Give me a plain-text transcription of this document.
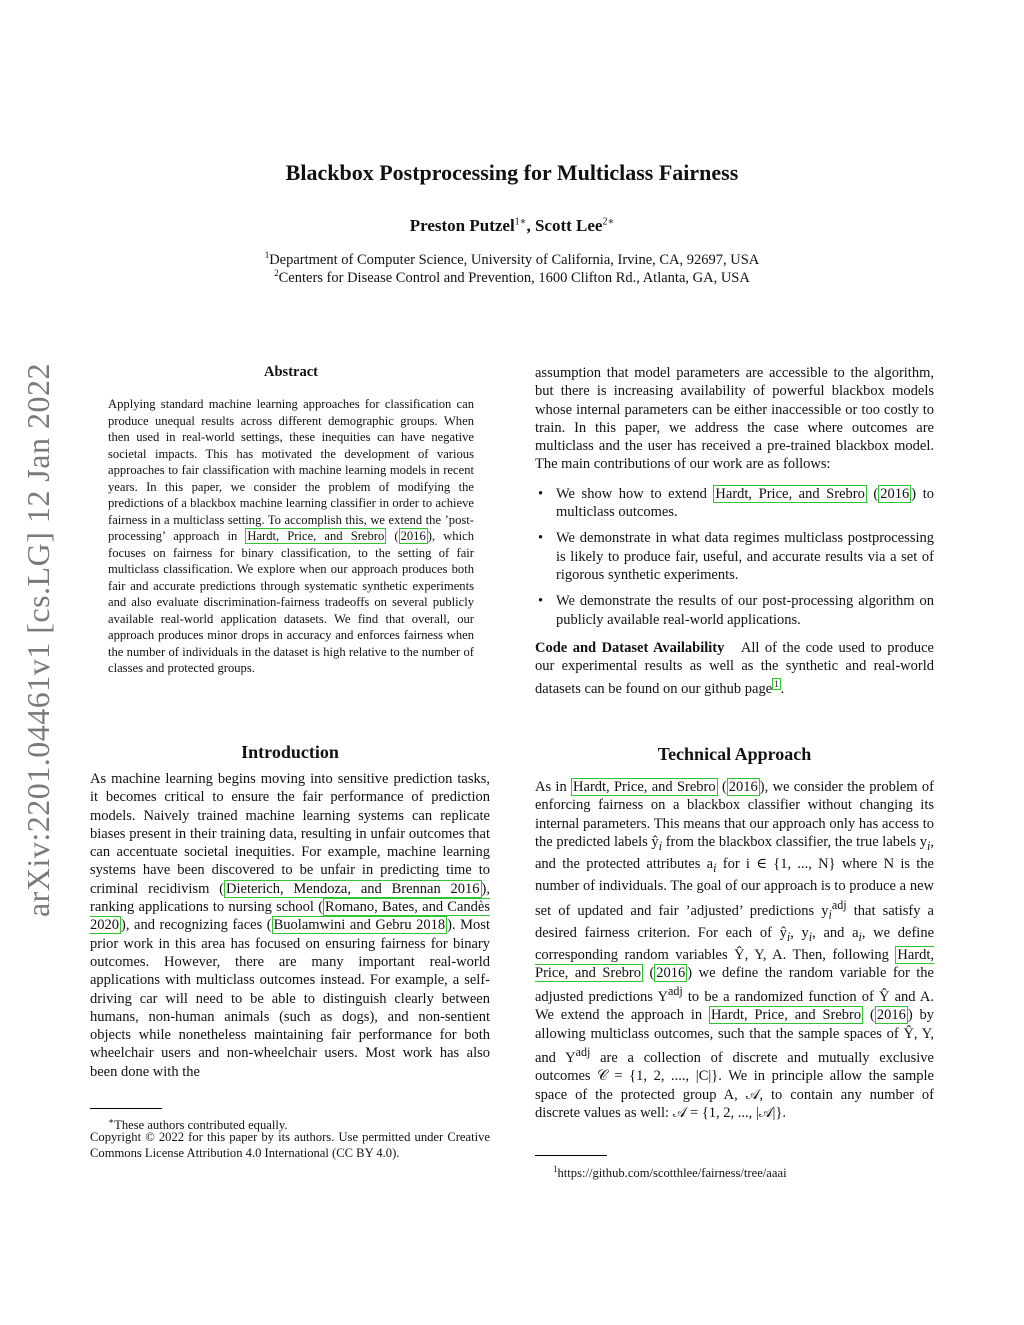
arXiv:2201.04461v1 [cs.LG] 12 Jan 2022
Blackbox Postprocessing for Multiclass Fairness
Preston Putzel$^{1∗}$, Scott Lee$^{2∗}$
$^1$Department of Computer Science, University of California, Irvine, CA, 92697, USA
$^2$Centers for Disease Control and Prevention, 1600 Clifton Rd., Atlanta, GA, USA
Abstract
Applying standard machine learning approaches for classification can produce unequal results across different demographic groups. When then used in real-world settings, these inequities can have negative societal impacts. This has motivated the development of various approaches to fair classification with machine learning models in recent years. In this paper, we consider the problem of modifying the predictions of a blackbox machine learning classifier in order to achieve fairness in a multiclass setting. To accomplish this, we extend the ’post-processing’ approach in Hardt, Price, and Srebro ( 2016 ), which focuses on fairness for binary classification, to the setting of fair multiclass classification. We explore when our approach produces both fair and accurate predictions through systematic synthetic experiments and also evaluate discrimination-fairness tradeoffs on several publicly available real-world application datasets. We find that overall, our approach produces minor drops in accuracy and enforces fairness when the number of individuals in the dataset is high relative to the number of classes and protected groups.
Introduction
As machine learning begins moving into sensitive prediction tasks, it becomes critical to ensure the fair performance of prediction models. Naively trained machine learning systems can replicate biases present in their training data, resulting in unfair outcomes that can accentuate societal inequities. For example, machine learning systems have been discovered to be unfair in predicting time to criminal recidivism ( Dieterich, Mendoza, and Brennan 2016 ), ranking applications to nursing school ( Romano, Bates, and Candès 2020 ), and recognizing faces ( Buolamwini and Gebru 2018 ). Most prior work in this area has focused on ensuring fairness for binary outcomes. However, there are many important real-world applications with multiclass outcomes instead. For example, a self-driving car will need to be able to distinguish clearly between humans, non-human animals (such as dogs), and non-sentient objects while nonetheless maintaining fair performance for both wheelchair users and non-wheelchair users. Most work has also been done with the
∗These authors contributed equally.
Copyright © 2022 for this paper by its authors. Use permitted under Creative Commons License Attribution 4.0 International (CC BY 4.0).
assumption that model parameters are accessible to the algorithm, but there is increasing availability of powerful blackbox models whose internal parameters can be either inaccessible or too costly to train. In this paper, we address the case where outcomes are multiclass and the user has received a pre-trained blackbox model. The main contributions of our work are as follows:
• We show how to extend Hardt, Price, and Srebro ( 2016 ) to multiclass outcomes.
• We demonstrate in what data regimes multiclass postprocessing is likely to produce fair, useful, and accurate results via a set of rigorous synthetic experiments.
• We demonstrate the results of our post-processing algorithm on publicly available real-world applications.
Code and Dataset Availability All of the code used to produce our experimental results as well as the synthetic and real-world datasets can be found on our github page $^1$ .
Technical Approach
As in Hardt, Price, and Srebro ( 2016 ), we consider the problem of enforcing fairness on a blackbox classifier without changing its internal parameters. This means that our approach only has access to the predicted labels $ŷ_i$ from the blackbox classifier, the true labels $y_i$, and the protected attributes $a_i$ for i ∈ {1, ..., N} where N is the number of individuals. The goal of our approach is to produce a new set of updated and fair ’adjusted’ predictions $y_i^{adj}$ that satisfy a desired fairness criterion. For each of $ŷ_i$, $y_i$, and $a_i$, we define corresponding random variables Ŷ, Y, A. Then, following Hardt, Price, and Srebro ( 2016 ) we define the random variable for the adjusted predictions $Y^{adj}$ to be a randomized function of Ŷ and A. We extend the approach in Hardt, Price, and Srebro ( 2016 ) by allowing multiclass outcomes, such that the sample spaces of Ŷ, Y, and $Y^{adj}$ are a collection of discrete and mutually exclusive outcomes 𝒞 = {1, 2, ...., |C|}. We in principle allow the sample space of the protected group A, 𝒜, to contain any number of discrete values as well: 𝒜 = {1, 2, ..., |𝒜|}.
$^1$https://github.com/scotthlee/fairness/tree/aaai
